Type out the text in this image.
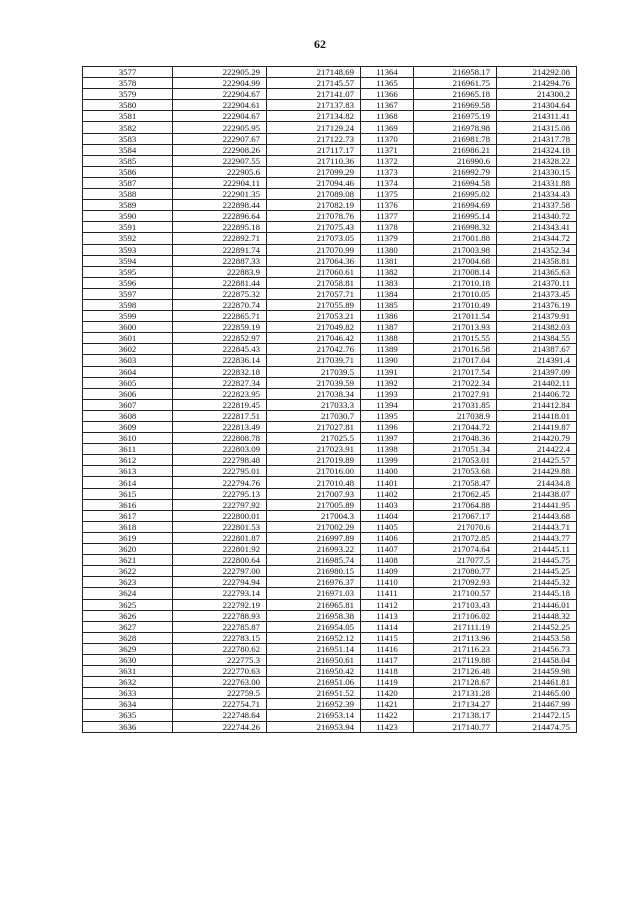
62
3577	222905.29	217148.69	11364	216958.17	214292.08
3578	222904.99	217145.57	11365	216961.75	214294.76
3579	222904.67	217141.07	11366	216965.18	214300.2
3580	222904.61	217137.83	11367	216969.58	214304.64
3581	222904.67	217134.82	11368	216975.19	214311.41
3582	222905.95	217129.24	11369	216978.98	214315.08
3583	222907.67	217122.73	11370	216981.78	214317.78
3584	222908.26	217117.17	11371	216986.21	214324.18
3585	222907.55	217110.36	11372	216990.6	214328.22
3586	222905.6	217099.29	11373	216992.79	214330.15
3587	222904.11	217094.46	11374	216994.58	214331.88
3588	222901.35	217089.08	11375	216995.02	214334.43
3589	222898.44	217082.19	11376	216994.69	214337.58
3590	222896.64	217078.76	11377	216995.14	214340.72
3591	222895.18	217075.43	11378	216998.32	214343.41
3592	222892.71	217073.05	11379	217001.88	214344.72
3593	222891.74	217070.99	11380	217003.98	214352.34
3594	222887.33	217064.36	11381	217004.68	214358.81
3595	222883.9	217060.61	11382	217008.14	214365.63
3596	222881.44	217058.81	11383	217010.18	214370.11
3597	222875.32	217057.71	11384	217010.05	214373.45
3598	222870.74	217055.89	11385	217010.49	214376.19
3599	222865.71	217053.21	11386	217011.54	214379.91
3600	222859.19	217049.82	11387	217013.93	214382.03
3601	222852.97	217046.42	11388	217015.55	214384.55
3602	222845.43	217042.76	11389	217016.58	214387.67
3603	222836.14	217039.71	11390	217017.04	214391.4
3604	222832.18	217039.5	11391	217017.54	214397.09
3605	222827.34	217039.59	11392	217022.34	214402.11
3606	222823.95	217038.34	11393	217027.91	214406.72
3607	222819.45	217033.3	11394	217031.85	214412.84
3608	222817.51	217030.7	11395	217038.9	214418.01
3609	222813.49	217027.81	11396	217044.72	214419.87
3610	222808.78	217025.5	11397	217048.36	214420.79
3611	222803.09	217023.91	11398	217051.34	214422.4
3612	222798.48	217019.89	11399	217053.01	214425.57
3613	222795.01	217016.00	11400	217053.68	214429.88
3614	222794.76	217010.48	11401	217058.47	214434.8
3615	222795.13	217007.93	11402	217062.45	214438.07
3616	222797.92	217005.89	11403	217064.88	214441.95
3617	222800.01	217004.3	11404	217067.17	214443.68
3618	222801.53	217002.29	11405	217070.6	214443.71
3619	222801.87	216997.89	11406	217072.85	214443.77
3620	222801.92	216993.22	11407	217074.64	214445.11
3621	222800.64	216985.74	11408	217077.5	214445.75
3622	222797.00	216980.15	11409	217080.77	214445.25
3623	222794.94	216976.37	11410	217092.93	214445.32
3624	222793.14	216971.03	11411	217100.57	214445.18
3625	222792.19	216965.81	11412	217103.43	214446.01
3626	222788.93	216958.38	11413	217106.02	214448.32
3627	222785.87	216954.05	11414	217111.19	214452.25
3628	222783.15	216952.12	11415	217113.96	214453.58
3629	222780.62	216951.14	11416	217116.23	214456.73
3630	222775.3	216950.61	11417	217119.88	214458.04
3631	222770.63	216950.42	11418	217126.48	214459.98
3632	222763.00	216951.06	11419	217128.67	214461.81
3633	222759.5	216951.52	11420	217131.28	214465.00
3634	222754.71	216952.39	11421	217134.27	214467.99
3635	222748.64	216953.14	11422	217138.17	214472.15
3636	222744.26	216953.94	11423	217140.77	214474.75
